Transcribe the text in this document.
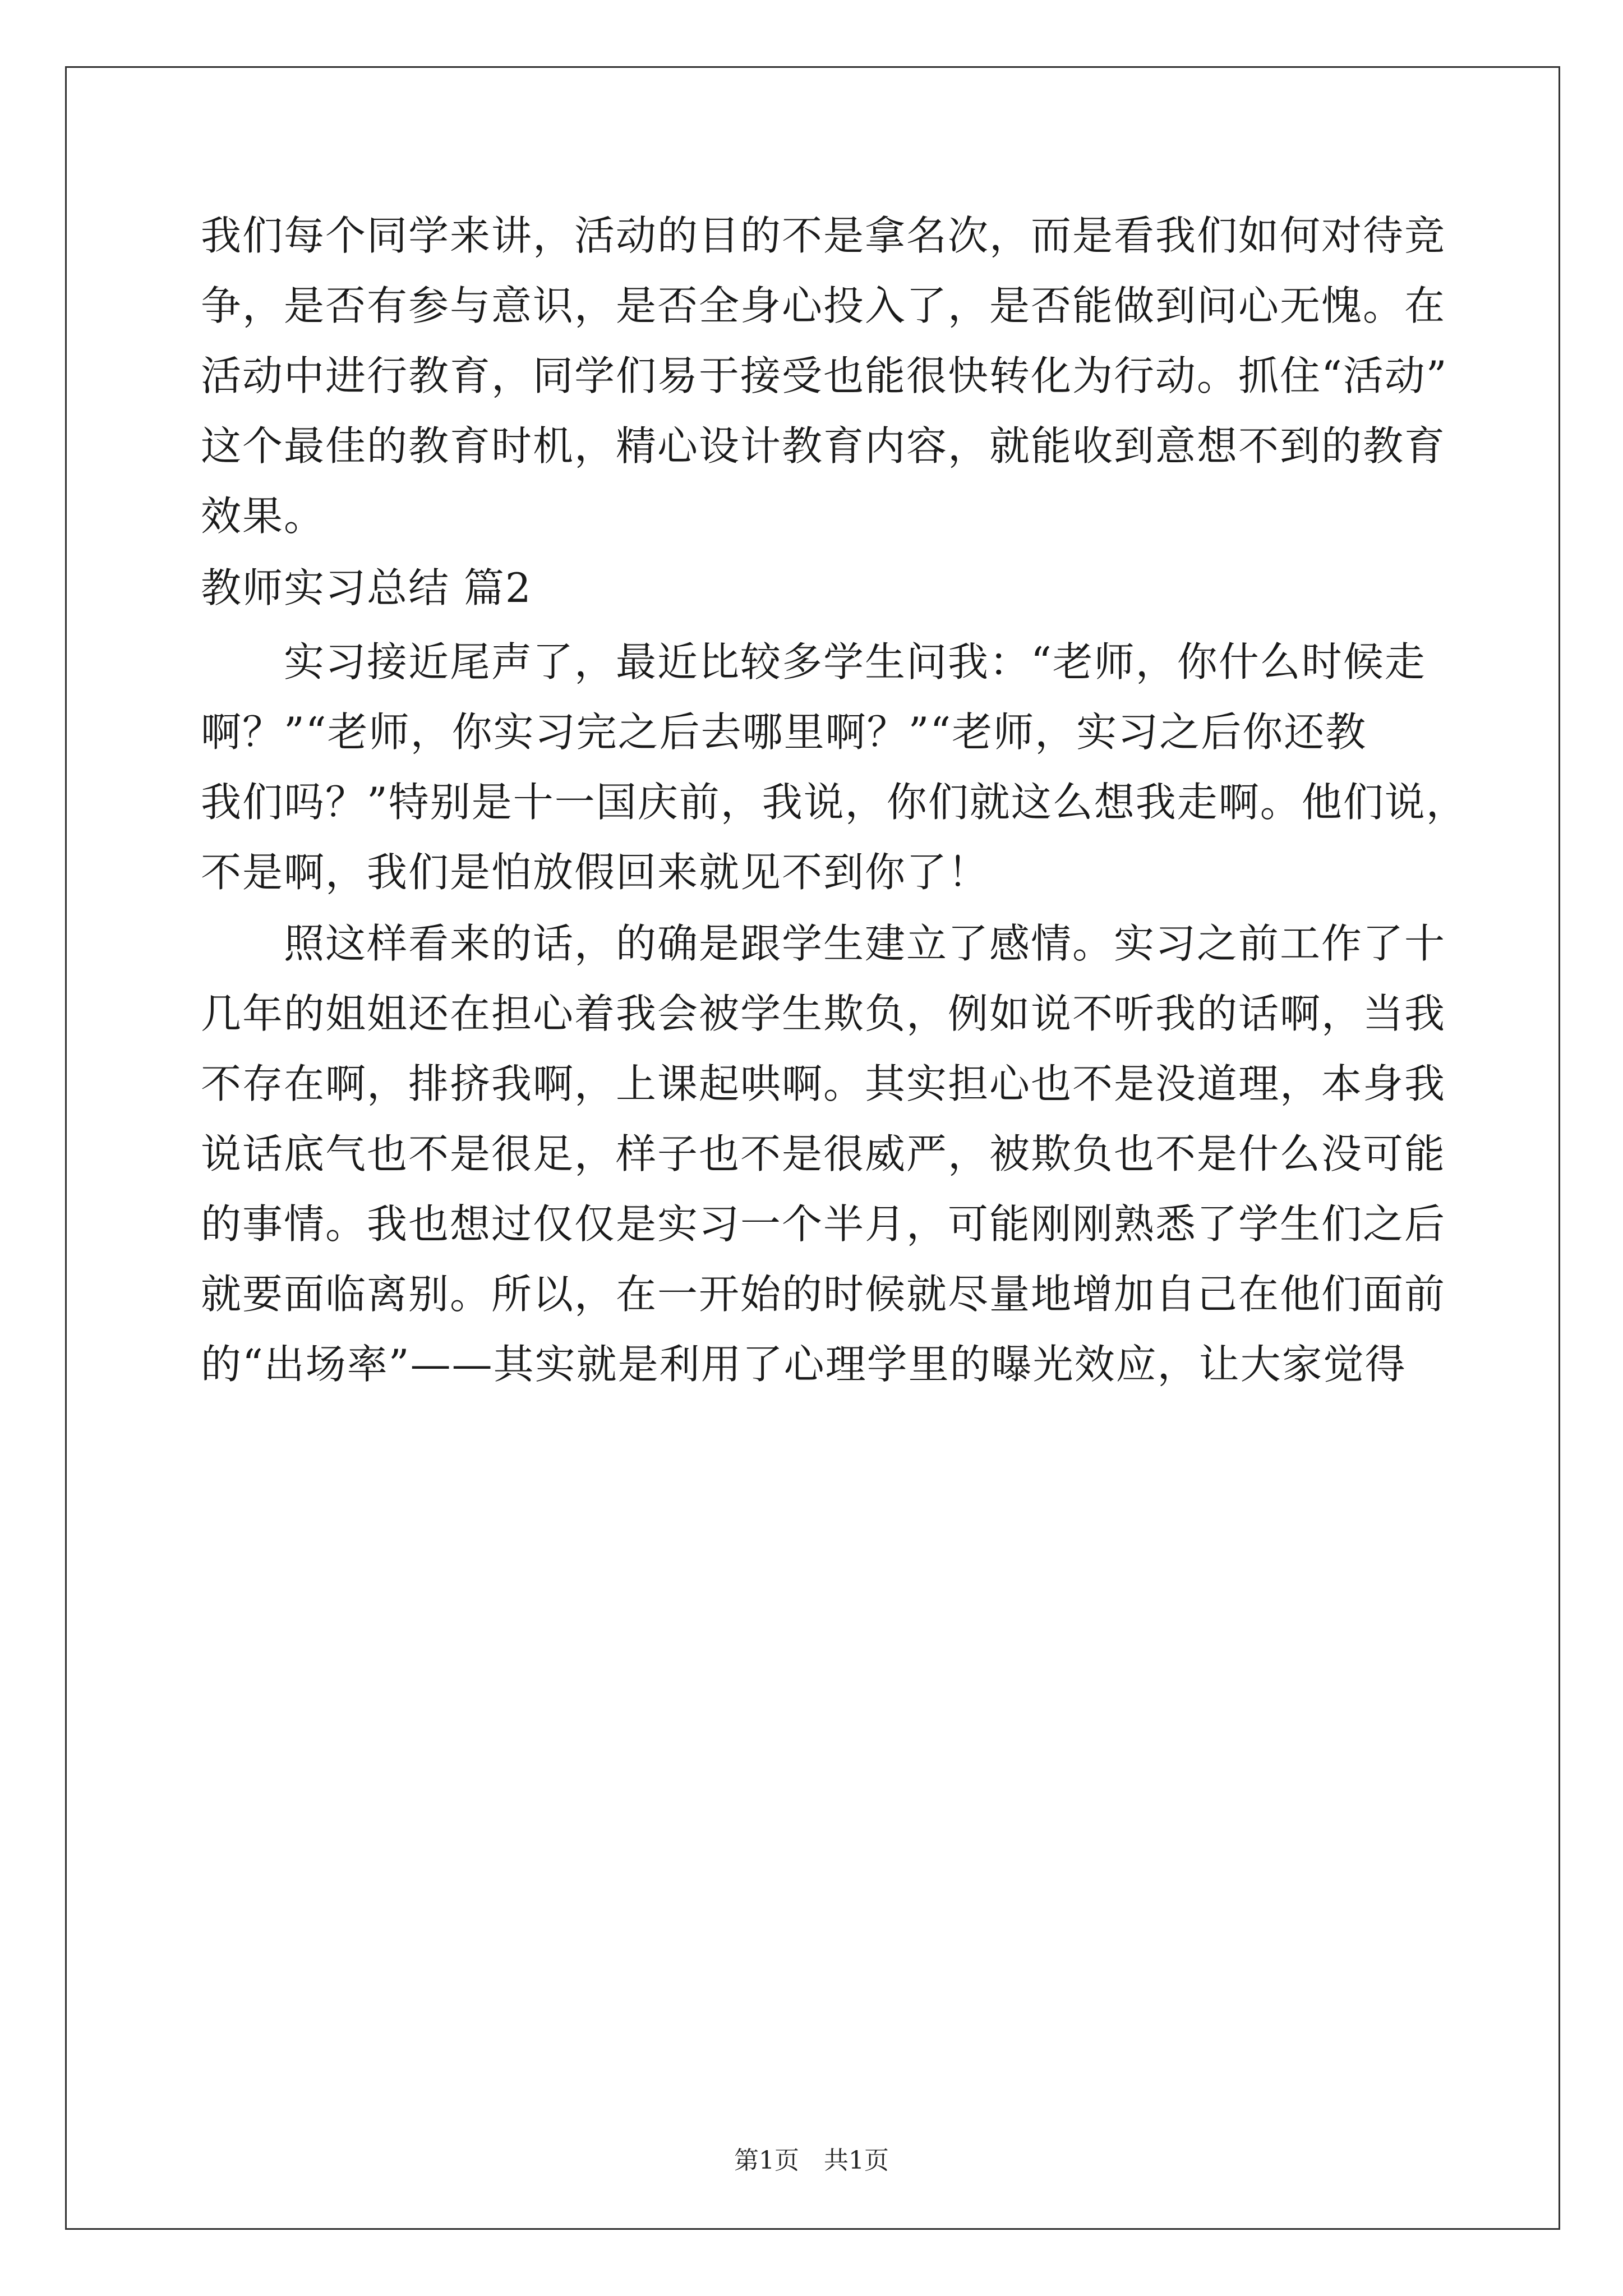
我们每个同学来讲，活动的目的不是拿名次，而是看我们如何对待竞
争，是否有参与意识，是否全身心投入了，是否能做到问心无愧。在
活动中进行教育，同学们易于接受也能很快转化为行动。抓住“活动”
这个最佳的教育时机，精心设计教育内容，就能收到意想不到的教育
效果。
教师实习总结 篇2
　　实习接近尾声了，最近比较多学生问我：“老师，你什么时候走
啊？”“老师，你实习完之后去哪里啊？”“老师，实习之后你还教
我们吗？”特别是十一国庆前，我说，你们就这么想我走啊。他们说，
不是啊，我们是怕放假回来就见不到你了！
　　照这样看来的话，的确是跟学生建立了感情。实习之前工作了十
几年的姐姐还在担心着我会被学生欺负，例如说不听我的话啊，当我
不存在啊，排挤我啊，上课起哄啊。其实担心也不是没道理，本身我
说话底气也不是很足，样子也不是很威严，被欺负也不是什么没可能
的事情。我也想过仅仅是实习一个半月，可能刚刚熟悉了学生们之后
就要面临离别。所以，在一开始的时候就尽量地增加自己在他们面前
的“出场率”——其实就是利用了心理学里的曝光效应，让大家觉得
第1页　共1页
